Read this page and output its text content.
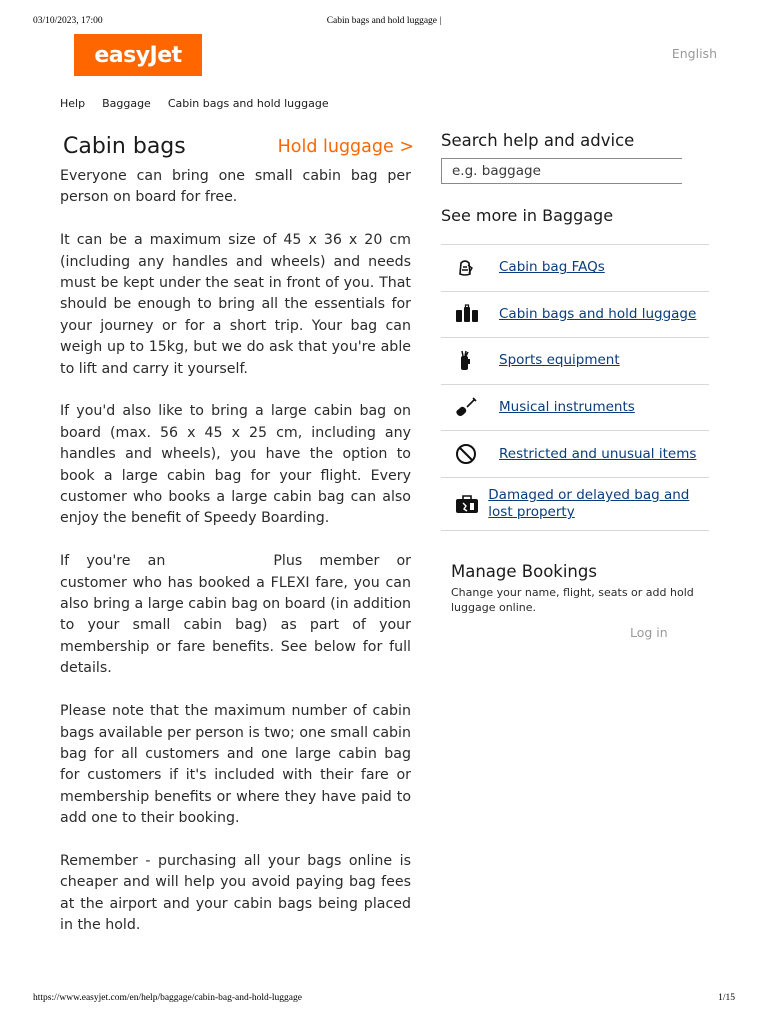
03/10/2023, 17:00	Cabin bags and hold luggage |
easyJet	English
Help Baggage Cabin bags and hold luggage
Cabin bags	Hold luggage >

Everyone can bring one small cabin bag per person on board for free.

It can be a maximum size of 45 x 36 x 20 cm (including any handles and wheels) and needs must be kept under the seat in front of you. That should be enough to bring all the essentials for your journey or for a short trip. Your bag can weigh up to 15kg, but we do ask that you're able to lift and carry it yourself.

If you'd also like to bring a large cabin bag on board (max. 56 x 45 x 25 cm, including any handles and wheels), you have the option to book a large cabin bag for your flight. Every customer who books a large cabin bag can also enjoy the benefit of Speedy Boarding.

If you're an	Plus member or customer who has booked a FLEXI fare, you can also bring a large cabin bag on board (in addition to your small cabin bag) as part of your membership or fare benefits. See below for full details.

Please note that the maximum number of cabin bags available per person is two; one small cabin bag for all customers and one large cabin bag for customers if it's included with their fare or membership benefits or where they have paid to add one to their booking.

Remember - purchasing all your bags online is cheaper and will help you avoid paying bag fees at the airport and your cabin bags being placed in the hold.

Search help and advice
e.g. baggage
See more in Baggage
Cabin bag FAQs
Cabin bags and hold luggage
Sports equipment
Musical instruments
Restricted and unusual items
Damaged or delayed bag and lost property
Manage Bookings

Change your name, flight, seats or add hold luggage online.

Log in
https://www.easyjet.com/en/help/baggage/cabin-bag-and-hold-luggage	1/15
